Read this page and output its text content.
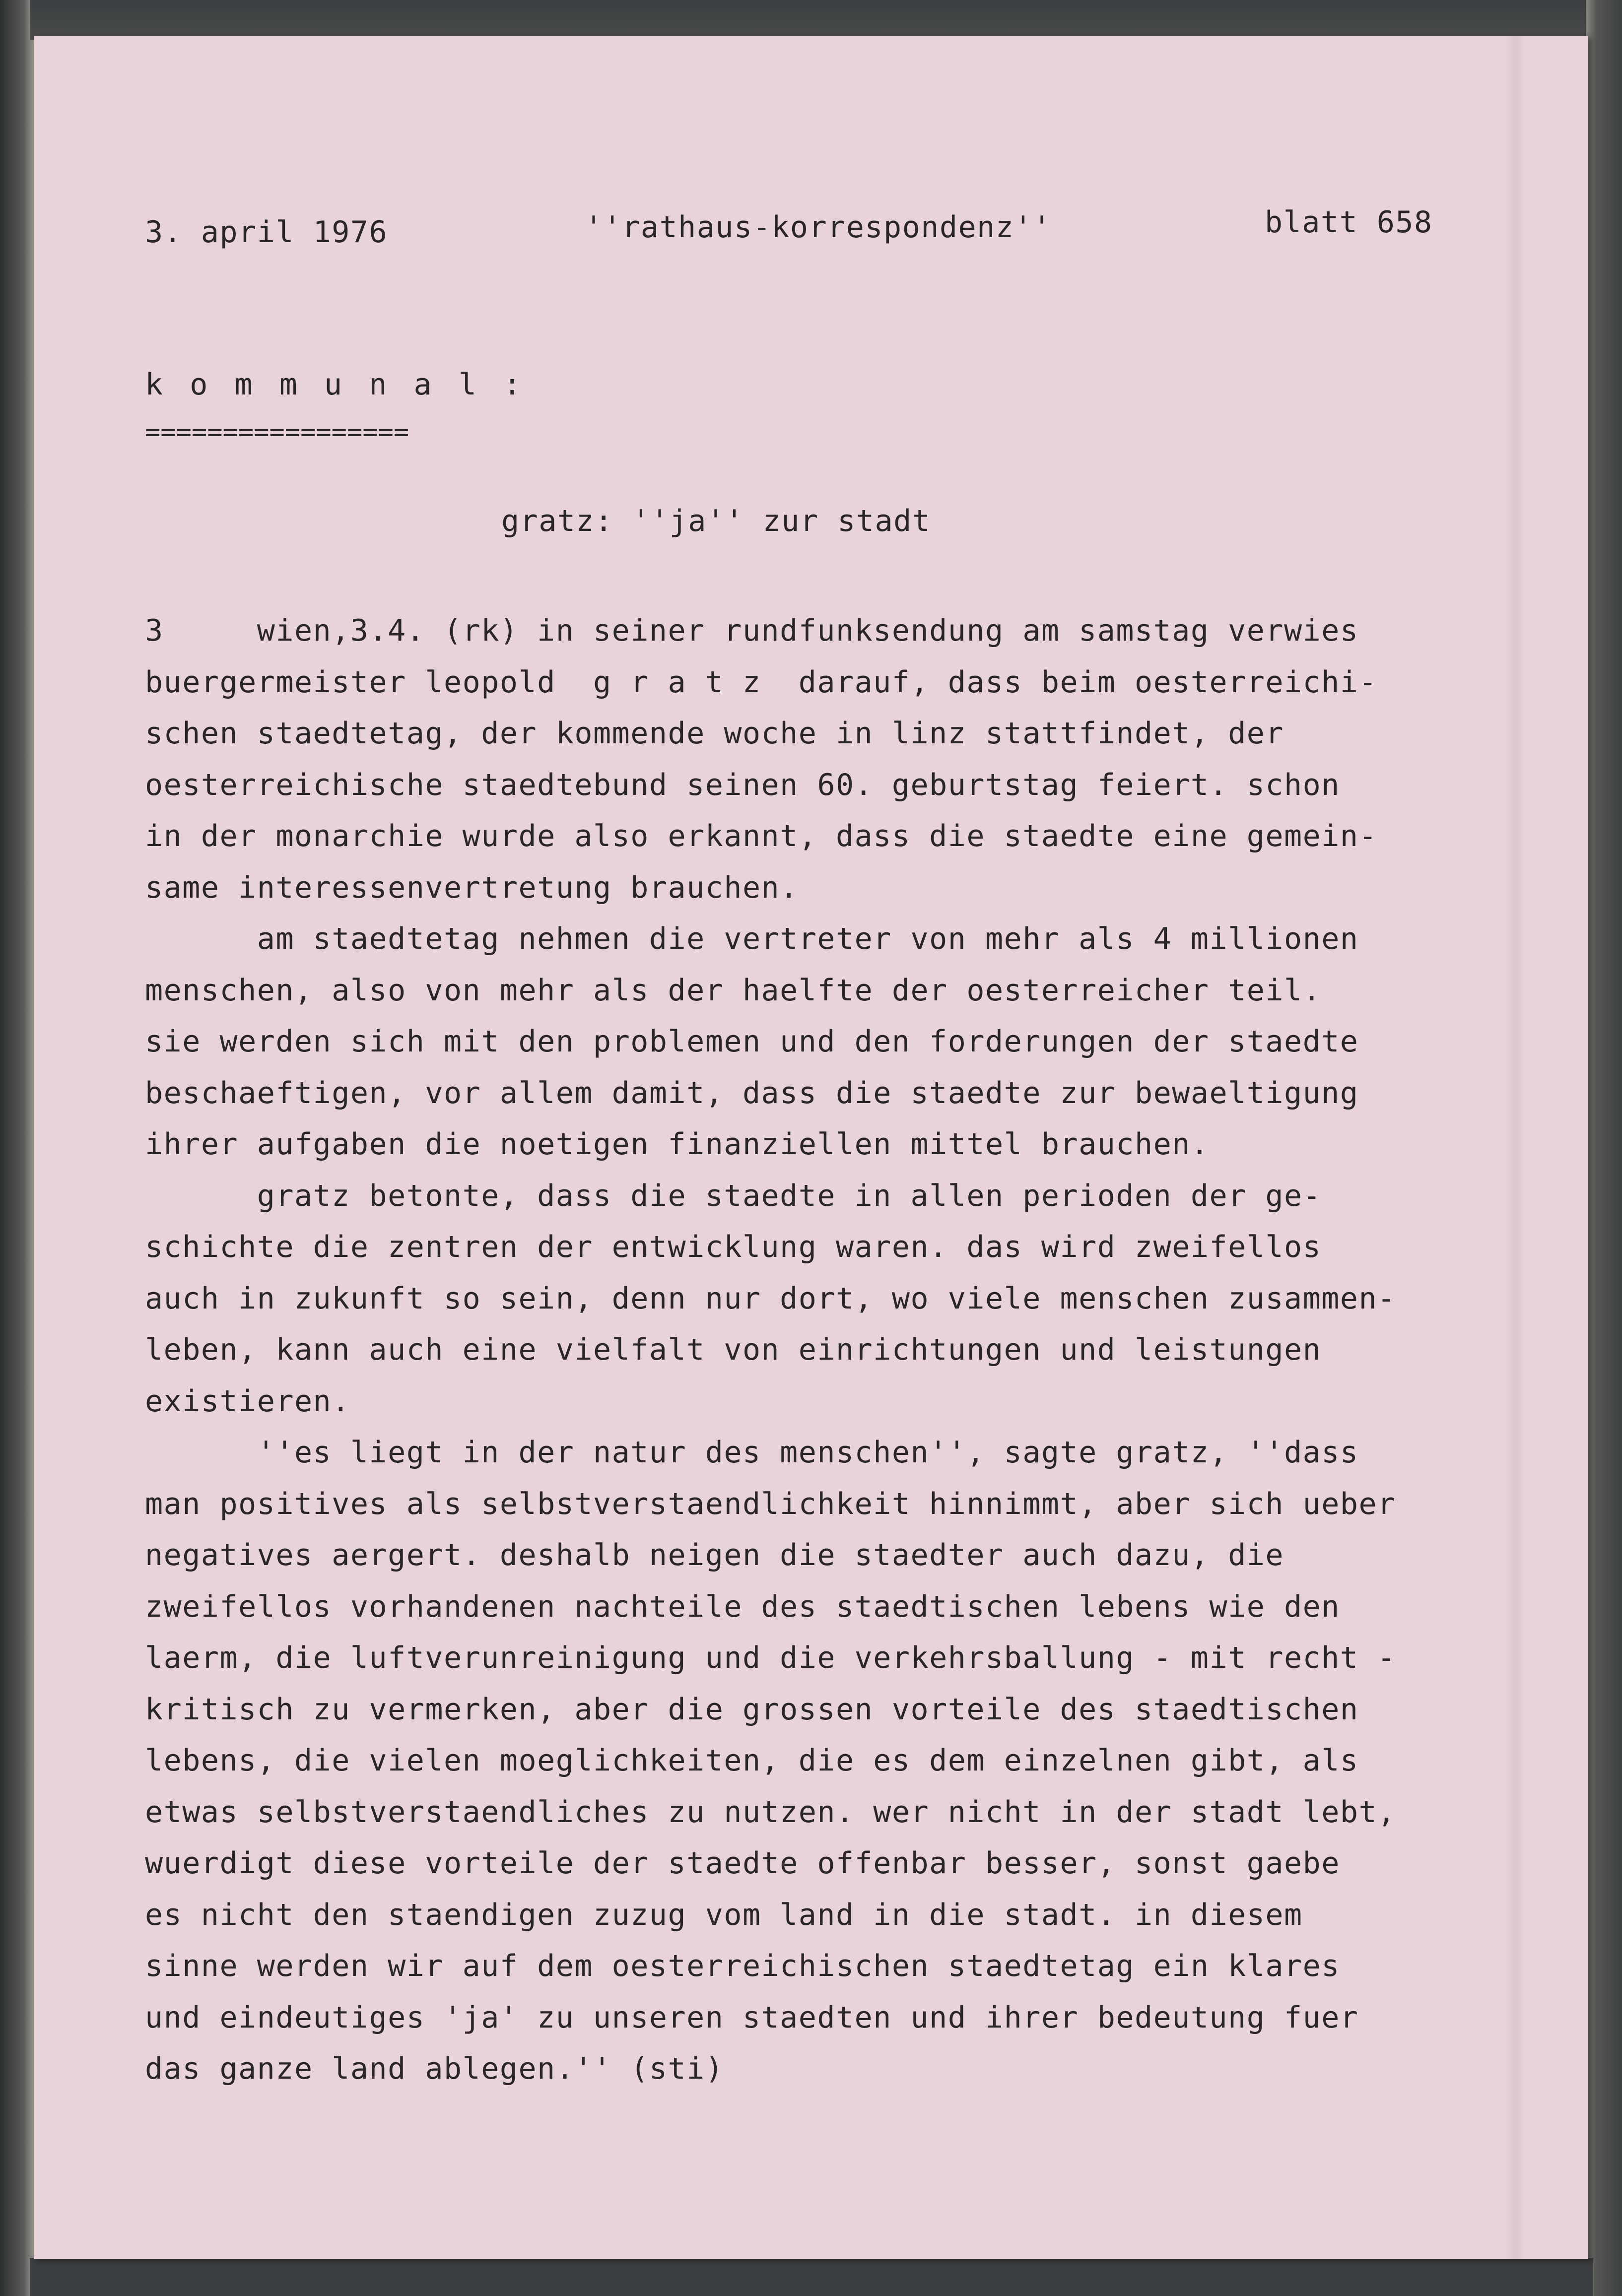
3. april 1976	''rathaus-korrespondenz''	blatt 658
k o m m u n a l :
=================
gratz: ''ja'' zur stadt
3     wien,3.4. (rk) in seiner rundfunksendung am samstag verwies
buergermeister leopold  g r a t z  darauf, dass beim oesterreichi-
schen staedtetag, der kommende woche in linz stattfindet, der
oesterreichische staedtebund seinen 60. geburtstag feiert. schon
in der monarchie wurde also erkannt, dass die staedte eine gemein-
same interessenvertretung brauchen.
am staedtetag nehmen die vertreter von mehr als 4 millionen
menschen, also von mehr als der haelfte der oesterreicher teil.
sie werden sich mit den problemen und den forderungen der staedte
beschaeftigen, vor allem damit, dass die staedte zur bewaeltigung
ihrer aufgaben die noetigen finanziellen mittel brauchen.
gratz betonte, dass die staedte in allen perioden der ge-
schichte die zentren der entwicklung waren. das wird zweifellos
auch in zukunft so sein, denn nur dort, wo viele menschen zusammen-
leben, kann auch eine vielfalt von einrichtungen und leistungen
existieren.
''es liegt in der natur des menschen'', sagte gratz, ''dass
man positives als selbstverstaendlichkeit hinnimmt, aber sich ueber
negatives aergert. deshalb neigen die staedter auch dazu, die
zweifellos vorhandenen nachteile des staedtischen lebens wie den
laerm, die luftverunreinigung und die verkehrsballung - mit recht -
kritisch zu vermerken, aber die grossen vorteile des staedtischen
lebens, die vielen moeglichkeiten, die es dem einzelnen gibt, als
etwas selbstverstaendliches zu nutzen. wer nicht in der stadt lebt,
wuerdigt diese vorteile der staedte offenbar besser, sonst gaebe
es nicht den staendigen zuzug vom land in die stadt. in diesem
sinne werden wir auf dem oesterreichischen staedtetag ein klares
und eindeutiges 'ja' zu unseren staedten und ihrer bedeutung fuer
das ganze land ablegen.'' (sti)
